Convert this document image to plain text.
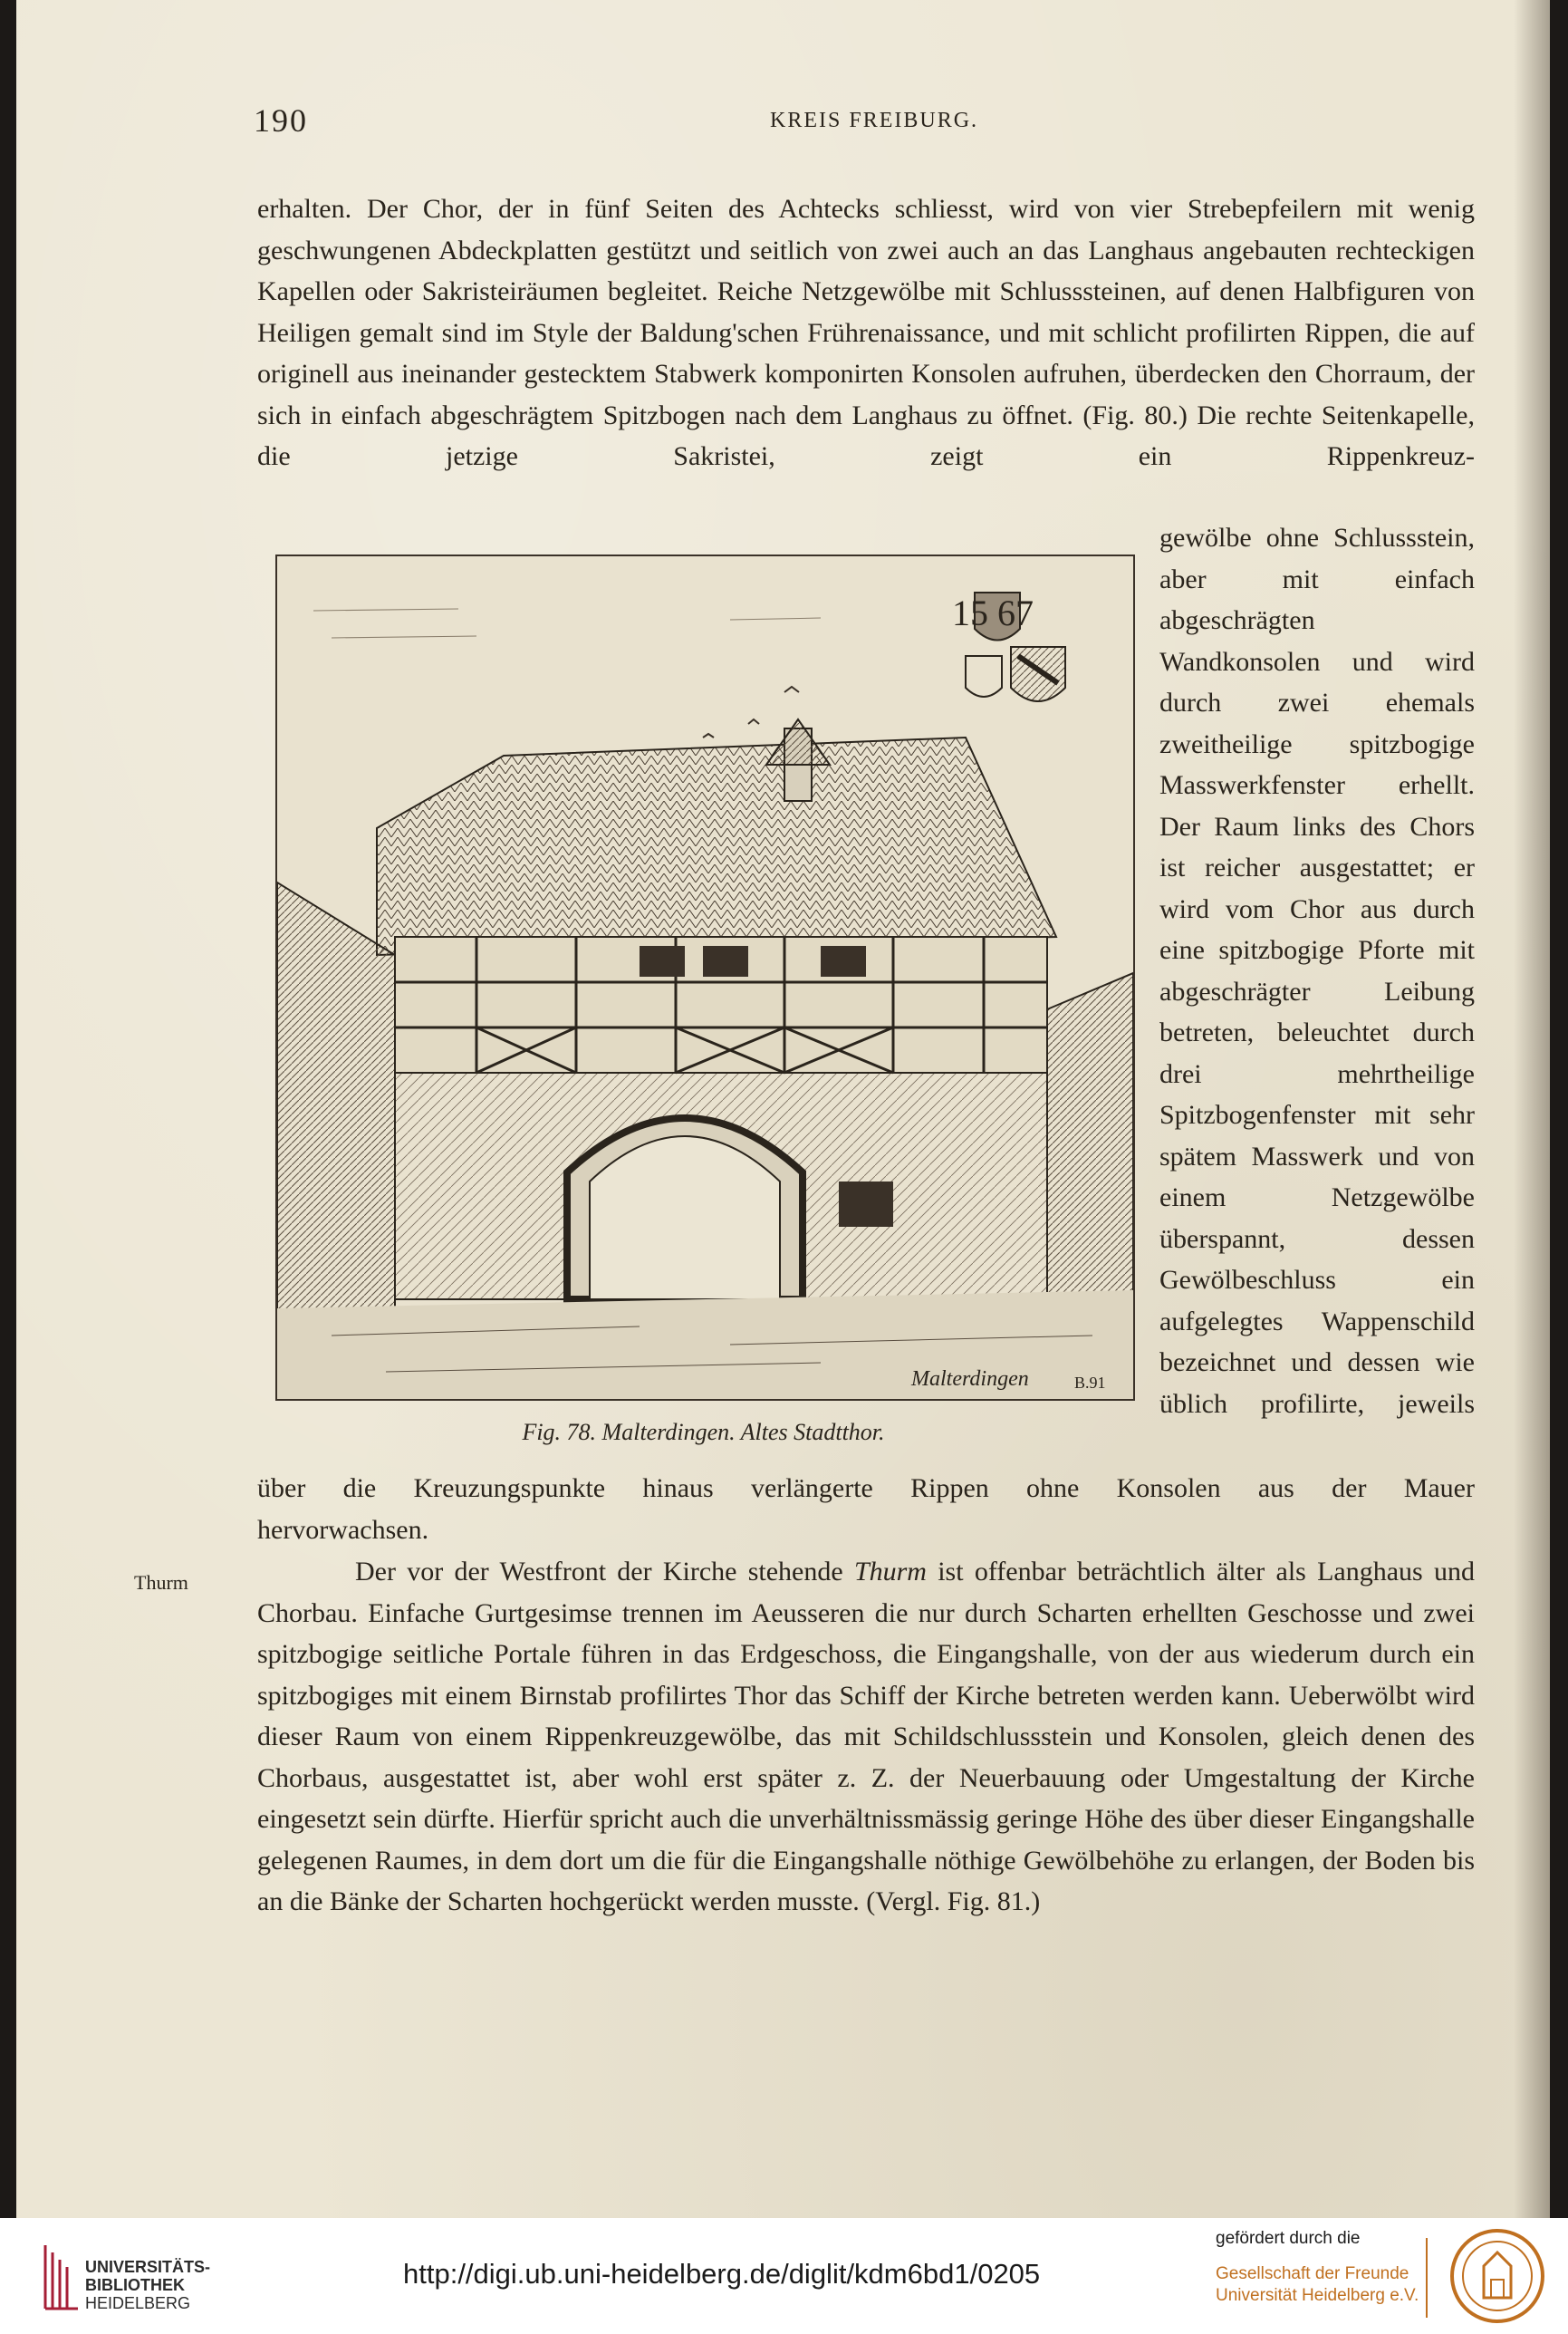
190	KREIS FREIBURG.
erhalten. Der Chor, der in fünf Seiten des Achtecks schliesst, wird von vier Strebepfeilern mit wenig geschwungenen Abdeckplatten gestützt und seitlich von zwei auch an das Langhaus angebauten rechteckigen Kapellen oder Sakristeiräumen begleitet. Reiche Netzgewölbe mit Schlusssteinen, auf denen Halbfiguren von Heiligen gemalt sind im Style der Baldung'schen Frührenaissance, und mit schlicht profilirten Rippen, die auf originell aus ineinander gestecktem Stabwerk komponirten Konsolen aufruhen, überdecken den Chorraum, der sich in einfach abgeschrägtem Spitzbogen nach dem Langhaus zu öffnet. (Fig. 80.) Die rechte Seitenkapelle, die jetzige Sakristei, zeigt ein Rippenkreuz-
15 67
Malterdingen	B.91
gewölbe ohne Schlussstein, aber mit einfach abgeschrägten Wandkonsolen und wird durch zwei ehemals zweitheilige spitzbogige Masswerkfenster erhellt. Der Raum links des Chors ist reicher ausgestattet; er wird vom Chor aus durch eine spitzbogige Pforte mit abgeschrägter Leibung betreten, beleuchtet durch drei mehrtheilige Spitzbogenfenster mit sehr spätem Masswerk und von einem Netzgewölbe überspannt, dessen Gewölbeschluss ein aufgelegtes Wappenschild bezeichnet und dessen wie üblich profilirte, jeweils
Fig. 78. Malterdingen. Altes Stadtthor.
über die Kreuzungspunkte hinaus verlängerte Rippen ohne Konsolen aus der Mauer
hervorwachsen.
Thurm	Der vor der Westfront der Kirche stehende Thurm ist offenbar beträchtlich älter als Langhaus und Chorbau. Einfache Gurtgesimse trennen im Aeusseren die nur durch Scharten erhellten Geschosse und zwei spitzbogige seitliche Portale führen in das Erdgeschoss, die Eingangshalle, von der aus wiederum durch ein spitzbogiges mit einem Birnstab profilirtes Thor das Schiff der Kirche betreten werden kann. Ueberwölbt wird dieser Raum von einem Rippenkreuzgewölbe, das mit Schildschlussstein und Konsolen, gleich denen des Chorbaus, ausgestattet ist, aber wohl erst später z. Z. der Neuerbauung oder Umgestaltung der Kirche eingesetzt sein dürfte. Hierfür spricht auch die unverhältnissmässig geringe Höhe des über dieser Eingangshalle gelegenen Raumes, in dem dort um die für die Eingangshalle nöthige Gewölbehöhe zu erlangen, der Boden bis an die Bänke der Scharten hochgerückt werden musste. (Vergl. Fig. 81.)
UNIVERSITÄTS-
BIBLIOTHEK
HEIDELBERG
http://digi.ub.uni-heidelberg.de/diglit/kdm6bd1/0205
gefördert durch die
Gesellschaft der Freunde
Universität Heidelberg e.V.
